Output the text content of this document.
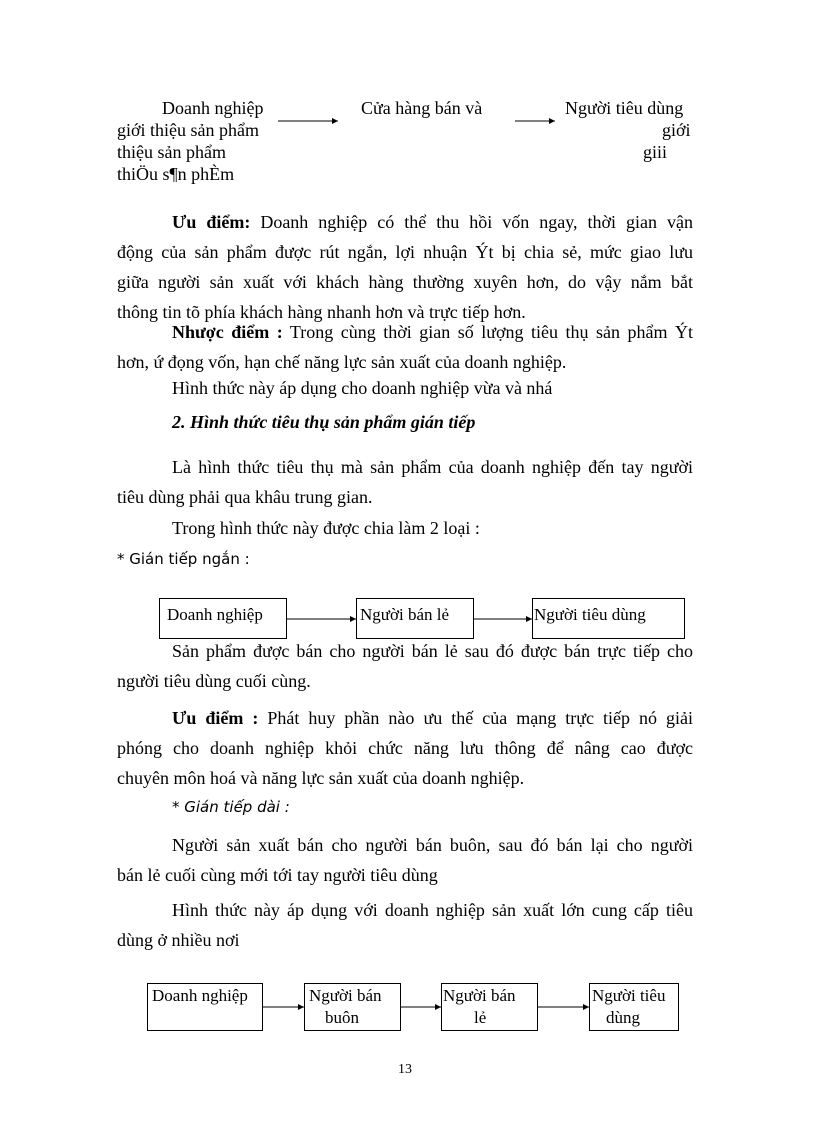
Doanh nghiệp
giới thiệu sản phẩm
thiệu sản phẩm
thiÖu s¶n phÈm
Cửa hàng bán và	Người tiêu dùng
giới
giii
Ưu điểm: Doanh nghiệp có thể thu hồi vốn ngay, thời gian vận
động của sản phẩm được rút ngắn, lợi nhuận Ýt bị chia sẻ, mức giao lưu
giữa người sản xuất với khách hàng thường xuyên hơn, do vậy nắm bắt
thông tin tõ phía khách hàng nhanh hơn và trực tiếp hơn.
Nhược điểm : Trong cùng thời gian số lượng tiêu thụ sản phẩm Ýt
hơn, ứ đọng vốn, hạn chế năng lực sản xuất của doanh nghiệp.
Hình thức này áp dụng cho doanh nghiệp vừa và nhá
2. Hình thức tiêu thụ sản phẩm gián tiếp
Là hình thức tiêu thụ mà sản phẩm của doanh nghiệp đến tay người
tiêu dùng phải qua khâu trung gian.
Trong hình thức này được chia làm 2 loại :
* Gián tiếp ngắn :
Doanh nghiệp	Người bán lẻ	Người tiêu dùng
Sản phẩm được bán cho người bán lẻ sau đó được bán trực tiếp cho
người tiêu dùng cuối cùng.
Ưu điểm : Phát huy phần nào ưu thế của mạng trực tiếp nó giải
phóng cho doanh nghiệp khỏi chức năng lưu thông để nâng cao được
chuyên môn hoá và năng lực sản xuất của doanh nghiệp.
* Gián tiếp dài :
Người sản xuất bán cho người bán buôn, sau đó bán lại cho người
bán lẻ cuối cùng mới tới tay người tiêu dùng
Hình thức này áp dụng với doanh nghiệp sản xuất lớn cung cấp tiêu
dùng ở nhiều nơi
Doanh nghiệp	Người bán
buôn
Người bán
lẻ
Người tiêu
dùng
13
